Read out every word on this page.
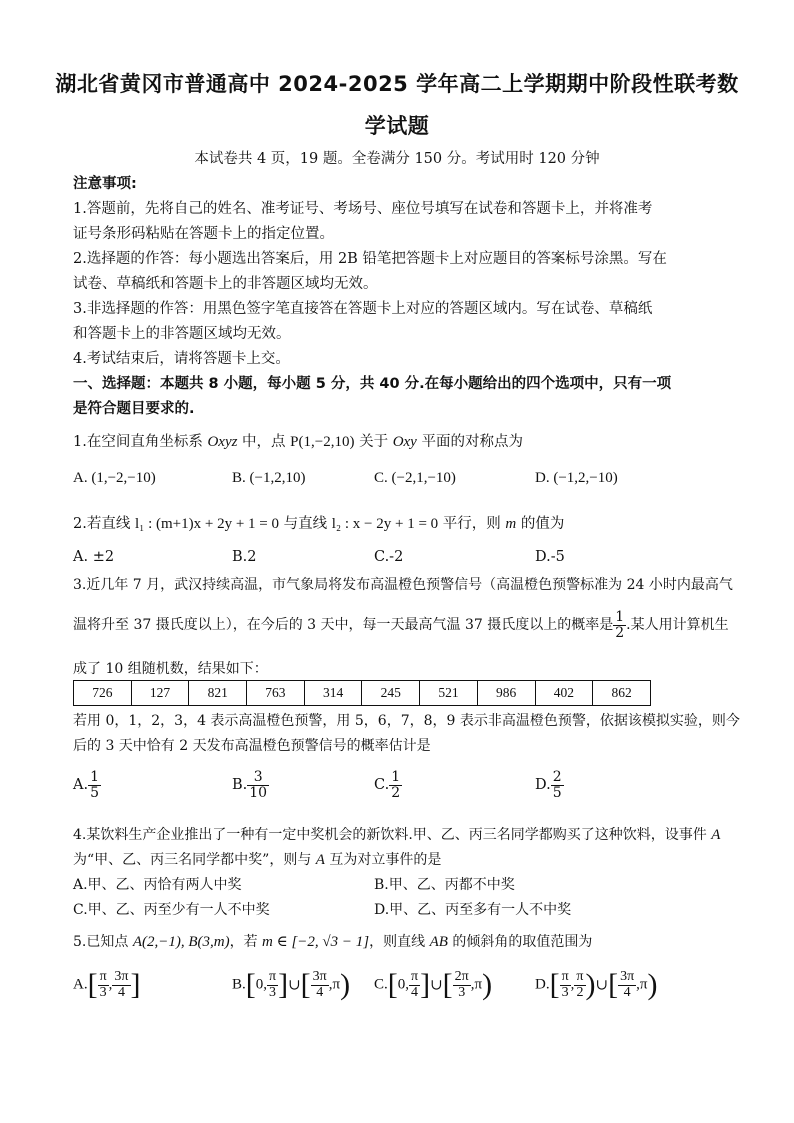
湖北省黄冈市普通高中 2024-2025 学年高二上学期期中阶段性联考数
学试题
本试卷共 4 页，19 题。全卷满分 150 分。考试用时 120 分钟
注意事项:
1.答题前，先将自己的姓名、准考证号、考场号、座位号填写在试卷和答题卡上，并将准考
证号条形码粘贴在答题卡上的指定位置。
2.选择题的作答：每小题选出答案后，用 2B 铅笔把答题卡上对应题目的答案标号涂黑。写在
试卷、草稿纸和答题卡上的非答题区域均无效。
3.非选择题的作答：用黑色签字笔直接答在答题卡上对应的答题区域内。写在试卷、草稿纸
和答题卡上的非答题区域均无效。
4.考试结束后，请将答题卡上交。
一、选择题：本题共 8 小题，每小题 5 分，共 40 分.在每小题给出的四个选项中，只有一项
是符合题目要求的.
1.在空间直角坐标系 Oxyz 中，点 P(1,−2,10) 关于 Oxy 平面的对称点为
A. (1,−2,−10)	B. (−1,2,10)	C. (−2,1,−10)	D. (−1,2,−10)
2.若直线 l₁ : (m+1)x + 2y + 1 = 0 与直线 l₂ : x − 2y + 1 = 0 平行，则 m 的值为
A. ±2	B.2	C.-2	D.-5
3.近几年 7 月，武汉持续高温，市气象局将发布高温橙色预警信号（高温橙色预警标准为 24 小时内最高气
温将升至 37 摄氏度以上），在今后的 3 天中，每一天最高气温 37 摄氏度以上的概率是 $\frac{1}{2}$ .某人用计算机生
成了 10 组随机数，结果如下：
726	127	821	763	314	245	521	986	402	862
若用 0，1，2，3，4 表示高温橙色预警，用 5，6，7，8，9 表示非高温橙色预警，依据该模拟实验，则今
后的 3 天中恰有 2 天发布高温橙色预警信号的概率估计是
A. $\frac{1}{5}$	B. $\frac{3}{10}$	C. $\frac{1}{2}$	D. $\frac{2}{5}$
4.某饮料生产企业推出了一种有一定中奖机会的新饮料.甲、乙、丙三名同学都购买了这种饮料，设事件 A
为“甲、乙、丙三名同学都中奖”，则与 A 互为对立事件的是
A.甲、乙、丙恰有两人中奖	B.甲、乙、丙都不中奖
C.甲、乙、丙至少有一人不中奖	D.甲、乙、丙至多有一人不中奖
5.已知点 A(2,−1), B(3,m)，若 m ∈ [−2, √3 − 1]，则直线 AB 的倾斜角的取值范围为
$A.[ \frac{\pi}{3}$ , $\frac{3\pi}{4}$ ]	B.[0, $\frac{\pi}{3}$ ]∪[ $\frac{3\pi}{4} ,\pi$) C.[0, $\frac{\pi}{4}$ ]∪[ $\frac{2\pi}{3} ,\pi$)	$D.[ \frac{\pi}{3}$ , $\frac{\pi}{2}$ )∪[ $\frac{3\pi}{4} ,\pi$)
